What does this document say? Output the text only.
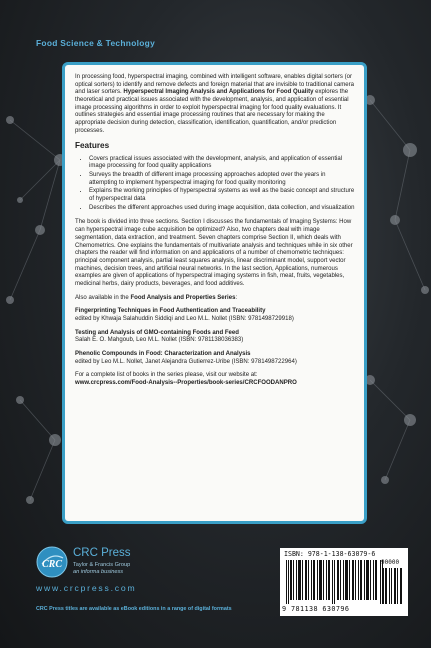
Food Science & Technology

In processing food, hyperspectral imaging, combined with intelligent software, enables digital sorters (or optical sorters) to identify and remove defects and foreign material that are invisible to traditional camera and laser sorters. Hyperspectral Imaging Analysis and Applications for Food Quality explores the theoretical and practical issues associated with the development, analysis, and application of essential image processing algorithms in order to exploit hyperspectral imaging for food quality evaluations. It outlines strategies and essential image processing routines that are necessary for making the appropriate decision during detection, classification, identification, quantification, and/or prediction processes.

Features
• Covers practical issues associated with the development, analysis, and application of essential image processing for food quality applications
• Surveys the breadth of different image processing approaches adopted over the years in attempting to implement hyperspectral imaging for food quality monitoring
• Explains the working principles of hyperspectral systems as well as the basic concept and structure of hyperspectral data
• Describes the different approaches used during image acquisition, data collection, and visualization

The book is divided into three sections. Section I discusses the fundamentals of Imaging Systems: How can hyperspectral image cube acquisition be optimized? Also, two chapters deal with image segmentation, data extraction, and treatment. Seven chapters comprise Section II, which deals with Chemometrics. One explains the fundamentals of multivariate analysis and techniques while in six other chapters the reader will find information on and applications of a number of chemometric techniques: principal component analysis, partial least squares analysis, linear discriminant model, support vector machines, decision trees, and artificial neural networks. In the last section, Applications, numerous examples are given of applications of hyperspectral imaging systems in fish, meat, fruits, vegetables, medicinal herbs, dairy products, beverages, and food additives.

Also available in the Food Analysis and Properties Series:

Fingerprinting Techniques in Food Authentication and Traceability
edited by Khwaja Salahuddin Siddiqi and Leo M.L. Nollet (ISBN: 9781498729918)
Testing and Analysis of GMO-containing Foods and Feed
Salah E. O. Mahgoub, Leo M.L. Nollet (ISBN: 9781138036383)
Phenolic Compounds in Food: Characterization and Analysis
edited by Leo M.L. Nollet, Janet Alejandra Gutierrez-Uribe (ISBN: 9781498722964)

For a complete list of books in the series please, visit our website at:
www.crcpress.com/Food-Analysis--Properties/book-series/CRCFOODANPRO

CRC
CRC Press
Taylor & Francis Group
an informa business
www.crcpress.com
CRC Press titles are available as eBook editions in a range of digital formats
ISBN: 978-1-138-63079-6
90000
9 781138 630796
